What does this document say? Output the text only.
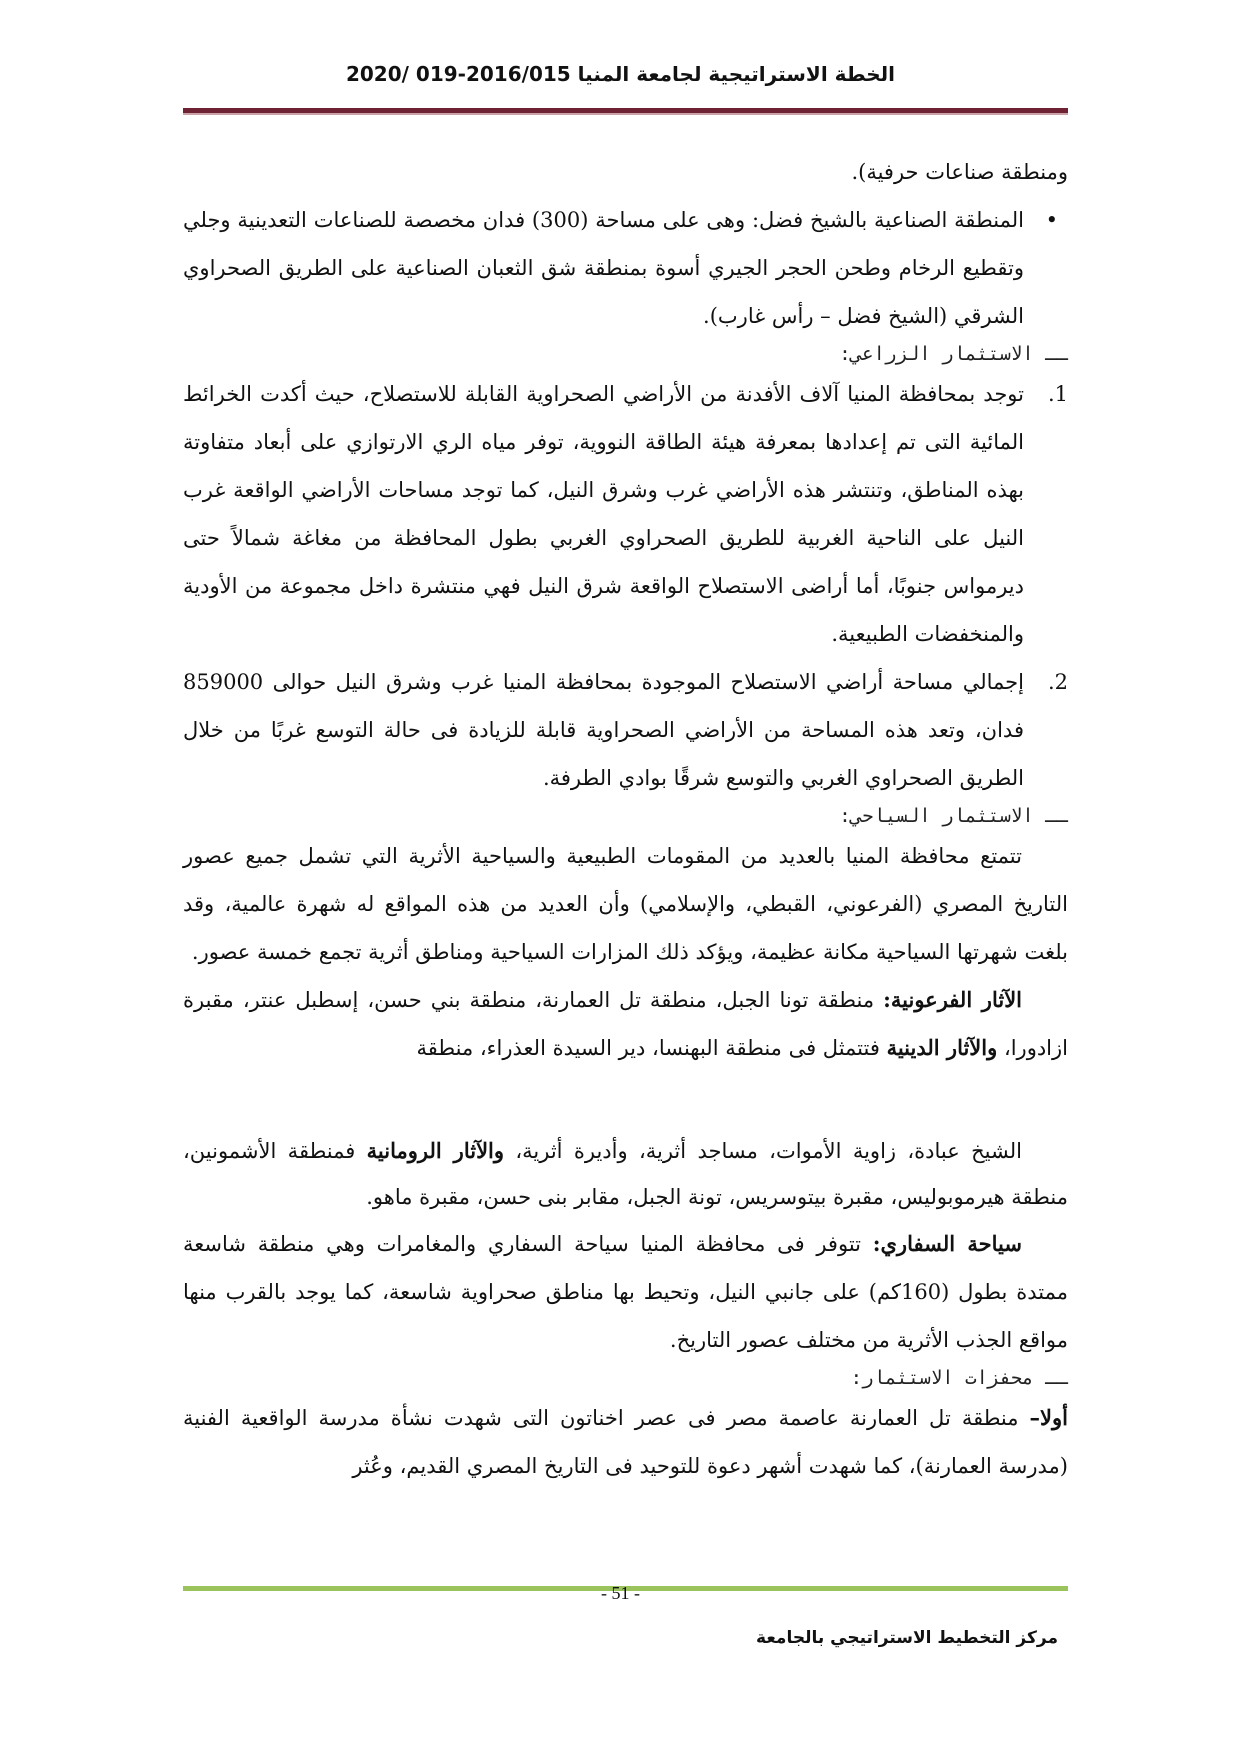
الخطة الاستراتيجية لجامعة المنيا 2016/015-019 /2020

ومنطقة صناعات حرفية).

•
المنطقة الصناعية بالشيخ فضل: وهى على مساحة (300) فدان مخصصة للصناعات التعدينية وجلي وتقطيع الرخام وطحن الحجر الجيري أسوة بمنطقة شق الثعبان الصناعية على الطريق الصحراوي الشرقي (الشيخ فضل – رأس غارب).

ــ الاستثمار الزراعي:

1.
توجد بمحافظة المنيا آلاف الأفدنة من الأراضي الصحراوية القابلة للاستصلاح، حيث أكدت الخرائط المائية التى تم إعدادها بمعرفة هيئة الطاقة النووية، توفر مياه الري الارتوازي على أبعاد متفاوتة بهذه المناطق، وتنتشر هذه الأراضي غرب وشرق النيل، كما توجد مساحات الأراضي الواقعة غرب النيل على الناحية الغربية للطريق الصحراوي الغربي بطول المحافظة من مغاغة شمالاً حتى ديرمواس جنوبًا، أما أراضى الاستصلاح الواقعة شرق النيل فهي منتشرة داخل مجموعة من الأودية والمنخفضات الطبيعية.

2.
إجمالي مساحة أراضي الاستصلاح الموجودة بمحافظة المنيا غرب وشرق النيل حوالى 859000 فدان، وتعد هذه المساحة من الأراضي الصحراوية قابلة للزيادة فى حالة التوسع غربًا من خلال الطريق الصحراوي الغربي والتوسع شرقًا بوادي الطرفة.

ــ الاستثمار السياحي:

تتمتع محافظة المنيا بالعديد من المقومات الطبيعية والسياحية الأثرية التي تشمل جميع عصور التاريخ المصري (الفرعوني، القبطي، والإسلامي) وأن العديد من هذه المواقع له شهرة عالمية، وقد بلغت شهرتها السياحية مكانة عظيمة، ويؤكد ذلك المزارات السياحية ومناطق أثرية تجمع خمسة عصور.

الآثار الفرعونية: منطقة تونا الجبل، منطقة تل العمارنة، منطقة بني حسن، إسطبل عنتر، مقبرة ازادورا، والآثار الدينية فتتمثل فى منطقة البهنسا، دير السيدة العذراء، منطقة

الشيخ عبادة، زاوية الأموات، مساجد أثرية، وأديرة أثرية، والآثار الرومانية فمنطقة الأشمونين، منطقة هيرموبوليس، مقبرة بيتوسريس، تونة الجبل، مقابر بنى حسن، مقبرة ماهو.

سياحة السفاري: تتوفر فى محافظة المنيا سياحة السفاري والمغامرات وهي منطقة شاسعة ممتدة بطول (160كم) على جانبي النيل، وتحيط بها مناطق صحراوية شاسعة، كما يوجد بالقرب منها مواقع الجذب الأثرية من مختلف عصور التاريخ.

ــ محفزات الاستثمار:

أولا– منطقة تل العمارنة عاصمة مصر فى عصر اخناتون التى شهدت نشأة مدرسة الواقعية الفنية (مدرسة العمارنة)، كما شهدت أشهر دعوة للتوحيد فى التاريخ المصري القديم، وعُثر

- 51 -
مركز التخطيط الاستراتيجي بالجامعة
